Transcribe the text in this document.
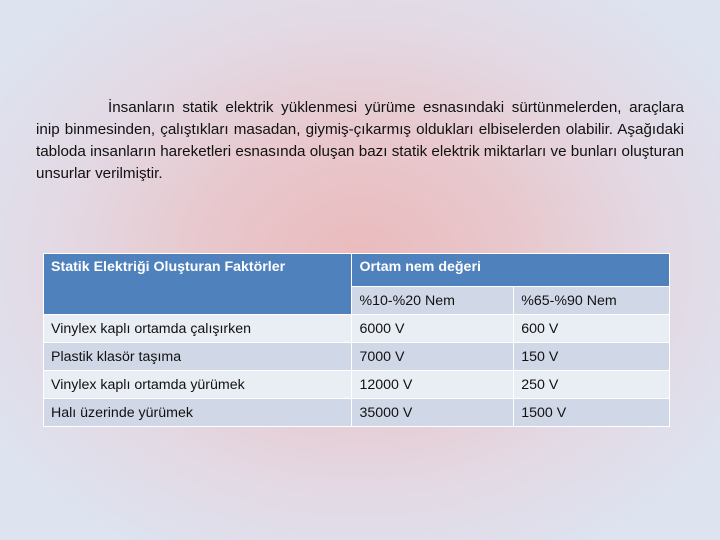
İnsanların statik elektrik yüklenmesi yürüme esnasındaki sürtünmelerden, araçlara inip binmesinden, çalıştıkları masadan, giymiş-çıkarmış oldukları elbiselerden olabilir. Aşağıdaki tabloda insanların hareketleri esnasında oluşan bazı statik elektrik miktarları ve bunları oluşturan unsurlar verilmiştir.

Statik Elektriği Oluşturan Faktörler	Ortam nem değeri	
	%10-%20 Nem	%65-%90 Nem
Vinylex kaplı ortamda çalışırken	6000 V	600 V
Plastik klasör taşıma	7000 V	150 V
Vinylex kaplı ortamda yürümek	12000 V	250 V
Halı üzerinde yürümek	35000 V	1500 V
